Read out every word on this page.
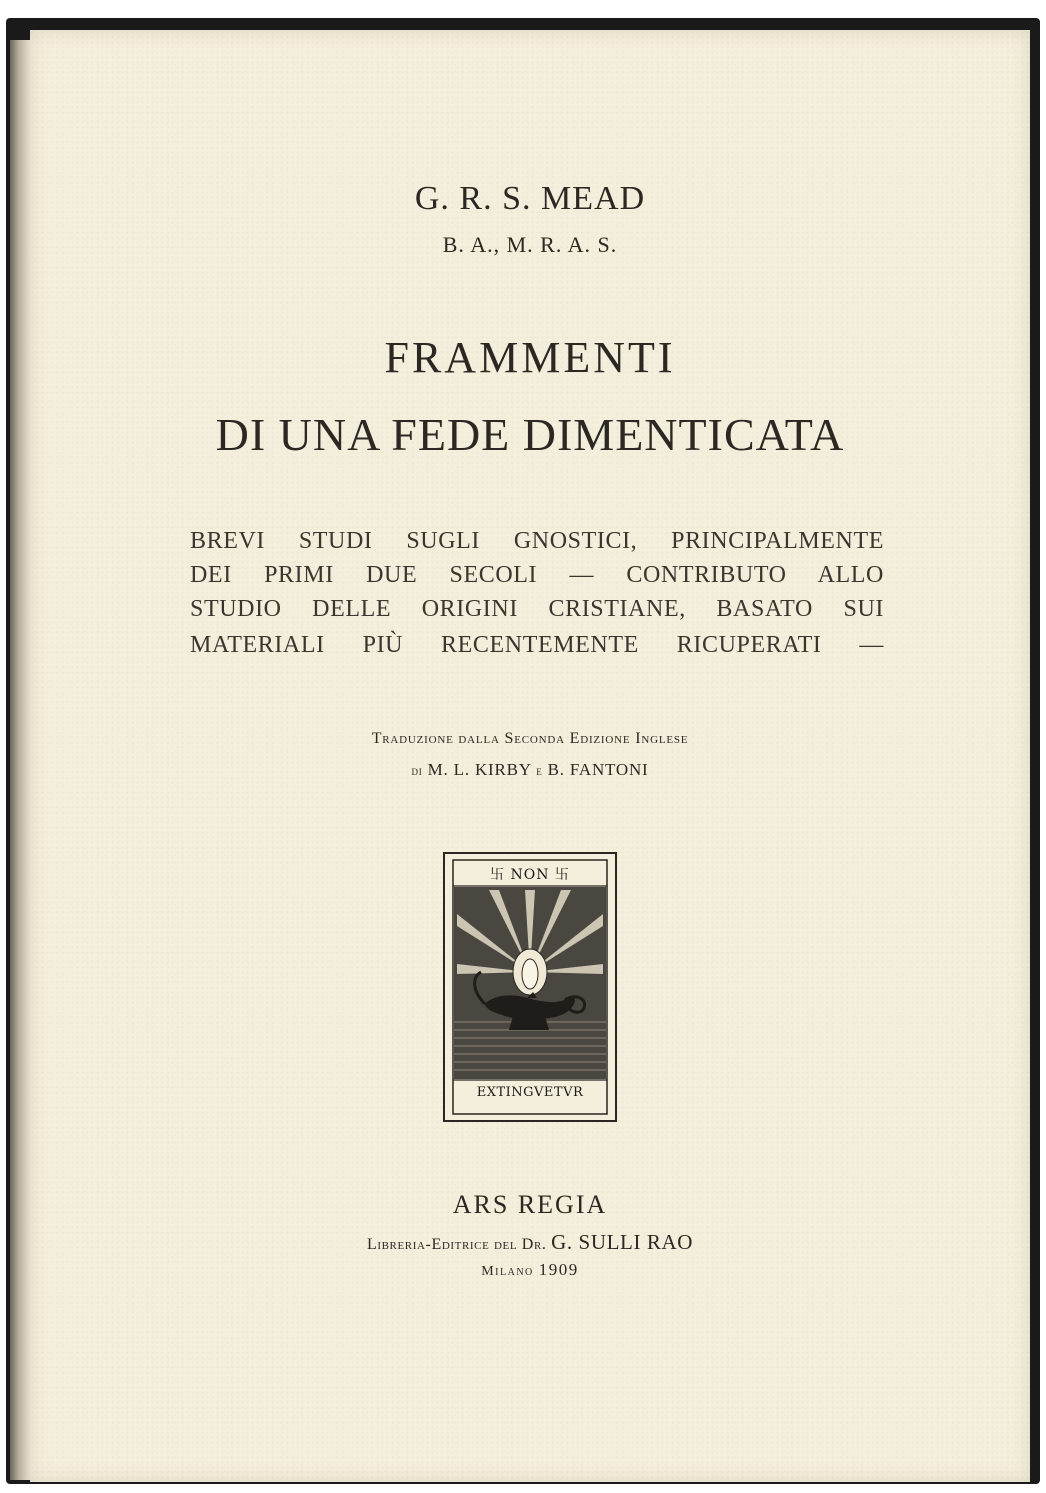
G. R. S. MEAD
B. A., M. R. A. S.
FRAMMENTI
DI UNA FEDE DIMENTICATA
BREVI STUDI SUGLI GNOSTICI, PRINCIPALMENTE
DEI PRIMI DUE SECOLI — CONTRIBUTO ALLO
STUDIO DELLE ORIGINI CRISTIANE, BASATO SUI
MATERIALI PIÙ RECENTEMENTE RICUPERATI —
Traduzione dalla Seconda Edizione Inglese
di M. L. KIRBY e B. FANTONI
卐 NON 卐
EXTINGVETVR
ARS REGIA
Libreria-Editrice del Dr. G. SULLI RAO
Milano 1909
